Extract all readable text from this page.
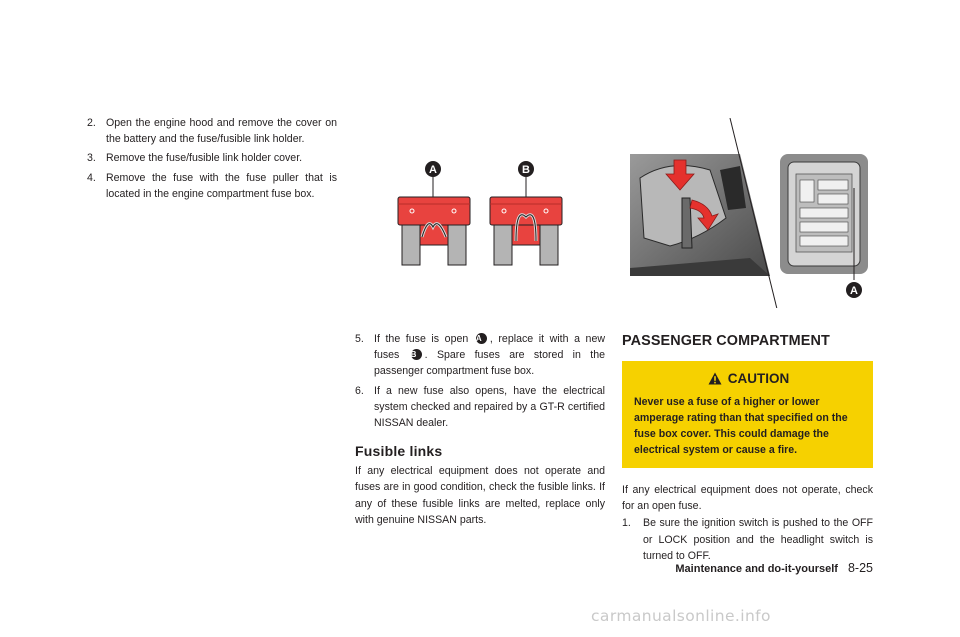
2. Open the engine hood and remove the cover on the battery and the fuse/fusible link holder.
3. Remove the fuse/fusible link holder cover.
4. Remove the fuse with the fuse puller that is located in the engine compartment fuse box.
A	B
A
5. If the fuse is open A , replace it with a new fuses B . Spare fuses are stored in the passenger compartment fuse box.
6. If a new fuse also opens, have the electrical system checked and repaired by a GT-R certified NISSAN dealer.
Fusible links

If any electrical equipment does not operate and fuses are in good condition, check the fusible links. If any of these fusible links are melted, replace only with genuine NISSAN parts.

PASSENGER COMPARTMENT
CAUTION
Never use a fuse of a higher or lower amperage rating than that specified on the fuse box cover. This could damage the electrical system or cause a fire.

If any electrical equipment does not operate, check for an open fuse.

1. Be sure the ignition switch is pushed to the OFF or LOCK position and the headlight switch is turned to OFF.
Maintenance and do-it-yourself 8-25
carmanualsonline.info
